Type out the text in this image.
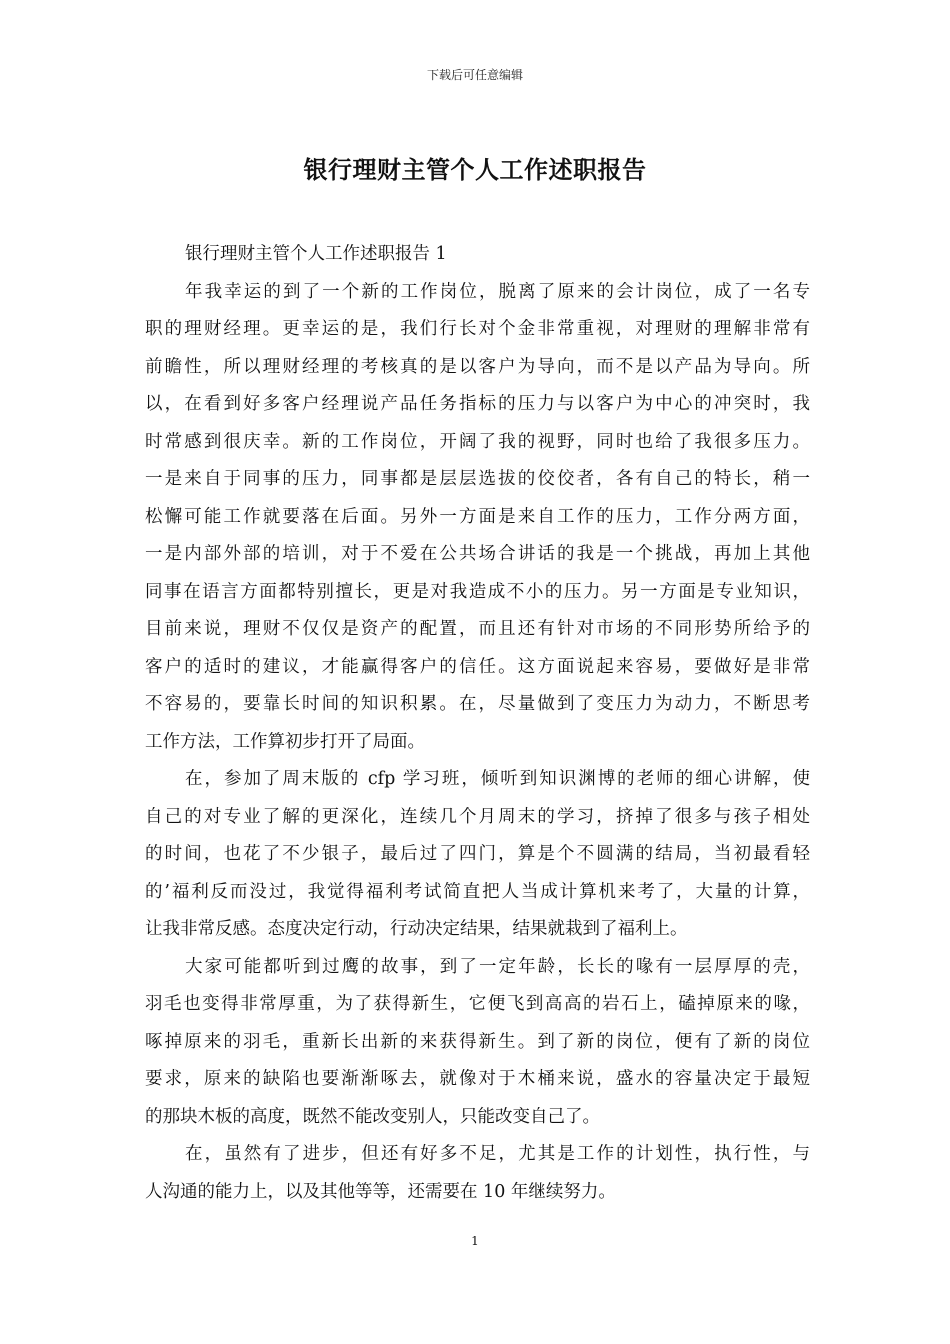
下载后可任意编辑
银行理财主管个人工作述职报告
银行理财主管个人工作述职报告 1
年我幸运的到了一个新的工作岗位，脱离了原来的会计岗位，成了一名专
职的理财经理。更幸运的是，我们行长对个金非常重视，对理财的理解非常有
前瞻性，所以理财经理的考核真的是以客户为导向，而不是以产品为导向。所
以，在看到好多客户经理说产品任务指标的压力与以客户为中心的冲突时，我
时常感到很庆幸。新的工作岗位，开阔了我的视野，同时也给了我很多压力。
一是来自于同事的压力，同事都是层层选拔的佼佼者，各有自己的特长，稍一
松懈可能工作就要落在后面。另外一方面是来自工作的压力，工作分两方面，
一是内部外部的培训，对于不爱在公共场合讲话的我是一个挑战，再加上其他
同事在语言方面都特别擅长，更是对我造成不小的压力。另一方面是专业知识，
目前来说，理财不仅仅是资产的配置，而且还有针对市场的不同形势所给予的
客户的适时的建议，才能赢得客户的信任。这方面说起来容易，要做好是非常
不容易的，要靠长时间的知识积累。在，尽量做到了变压力为动力，不断思考
工作方法，工作算初步打开了局面。
在，参加了周末版的 cfp 学习班，倾听到知识渊博的老师的细心讲解，使
自己的对专业了解的更深化，连续几个月周末的学习，挤掉了很多与孩子相处
的时间，也花了不少银子，最后过了四门，算是个不圆满的结局，当初最看轻
的’福利反而没过，我觉得福利考试简直把人当成计算机来考了，大量的计算，
让我非常反感。态度决定行动，行动决定结果，结果就栽到了福利上。
大家可能都听到过鹰的故事，到了一定年龄，长长的喙有一层厚厚的壳，
羽毛也变得非常厚重，为了获得新生，它便飞到高高的岩石上，磕掉原来的喙，
啄掉原来的羽毛，重新长出新的来获得新生。到了新的岗位，便有了新的岗位
要求，原来的缺陷也要渐渐啄去，就像对于木桶来说，盛水的容量决定于最短
的那块木板的高度，既然不能改变别人，只能改变自己了。
在，虽然有了进步，但还有好多不足，尤其是工作的计划性，执行性，与
人沟通的能力上，以及其他等等，还需要在 10 年继续努力。
1
